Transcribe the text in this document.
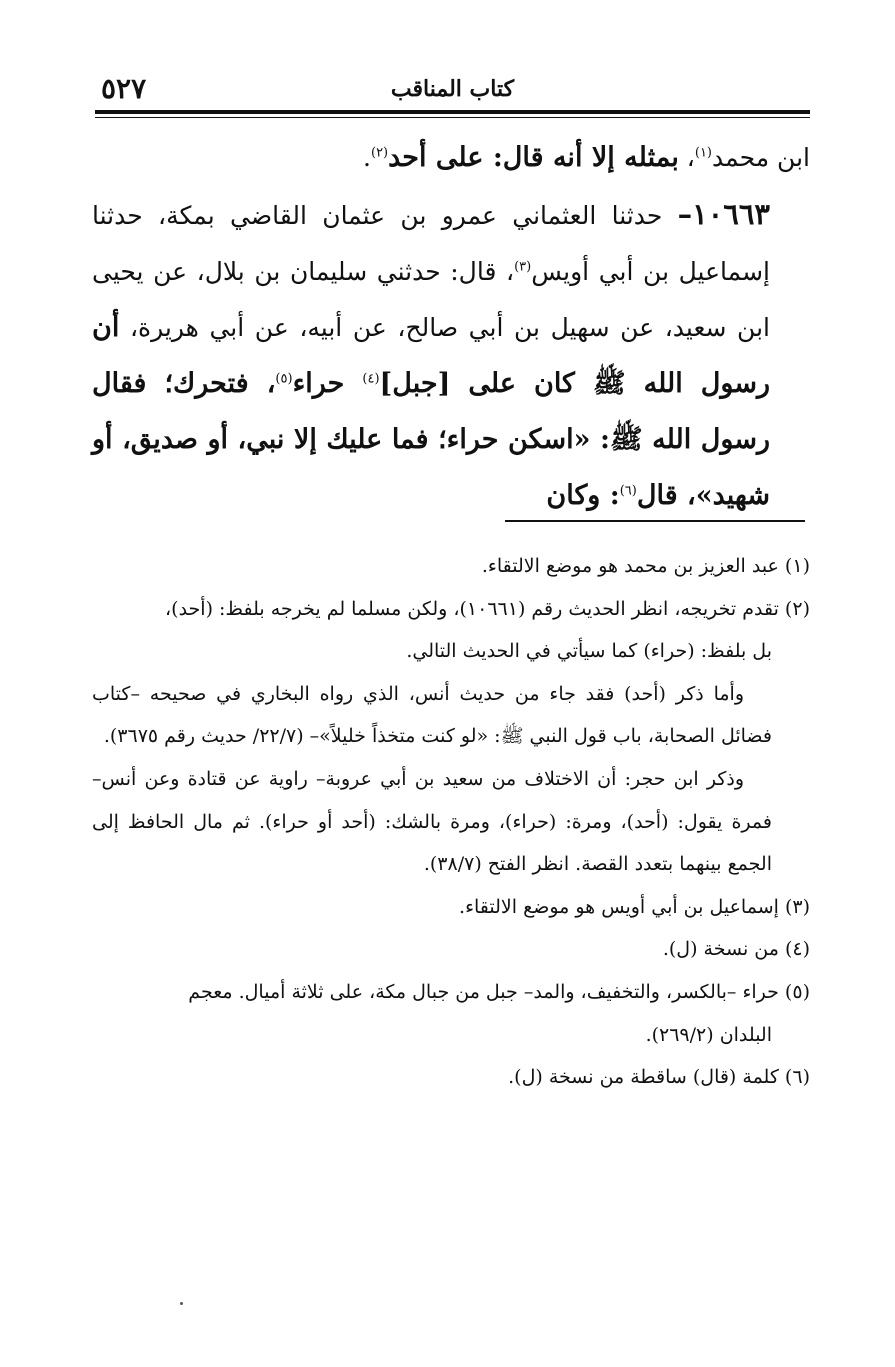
كتاب المناقب
٥٢٧

ابن محمد$^{(١)}$، بمثله إلا أنه قال: على أحد$^{(٢)}$.

١٠٦٦٣– حدثنا العثماني عمرو بن عثمان القاضي بمكة، حدثنا إسماعيل بن أبي أويس$^{(٣)}$، قال: حدثني سليمان بن بلال، عن يحيى ابن سعيد، عن سهيل بن أبي صالح، عن أبيه، عن أبي هريرة، أن رسول الله ﷺ كان على [جبل]$^{(٤)}$ حراء$^{(٥)}$، فتحرك؛ فقال رسول الله ﷺ: «اسكن حراء؛ فما عليك إلا نبي، أو صديق، أو شهيد»، قال$^{(٦)}$: وكان

(١) عبد العزيز بن محمد هو موضع الالتقاء.

(٢) تقدم تخريجه، انظر الحديث رقم (١٠٦٦١)، ولكن مسلما لم يخرجه بلفظ: (أحد)،

بل بلفظ: (حراء) كما سيأتي في الحديث التالي.

وأما ذكر (أحد) فقد جاء من حديث أنس، الذي رواه البخاري في صحيحه –كتاب فضائل الصحابة، باب قول النبي ﷺ: «لو كنت متخذاً خليلاً»– (٢٢/٧/ حديث رقم ٣٦٧٥).

وذكر ابن حجر: أن الاختلاف من سعيد بن أبي عروبة– راوية عن قتادة وعن أنس– فمرة يقول: (أحد)، ومرة: (حراء)، ومرة بالشك: (أحد أو حراء). ثم مال الحافظ إلى الجمع بينهما بتعدد القصة. انظر الفتح (٣٨/٧).

(٣) إسماعيل بن أبي أويس هو موضع الالتقاء.

(٤) من نسخة (ل).

(٥) حراء –بالكسر، والتخفيف، والمد– جبل من جبال مكة، على ثلاثة أميال. معجم

البلدان (٢٦٩/٢).

(٦) كلمة (قال) ساقطة من نسخة (ل).
